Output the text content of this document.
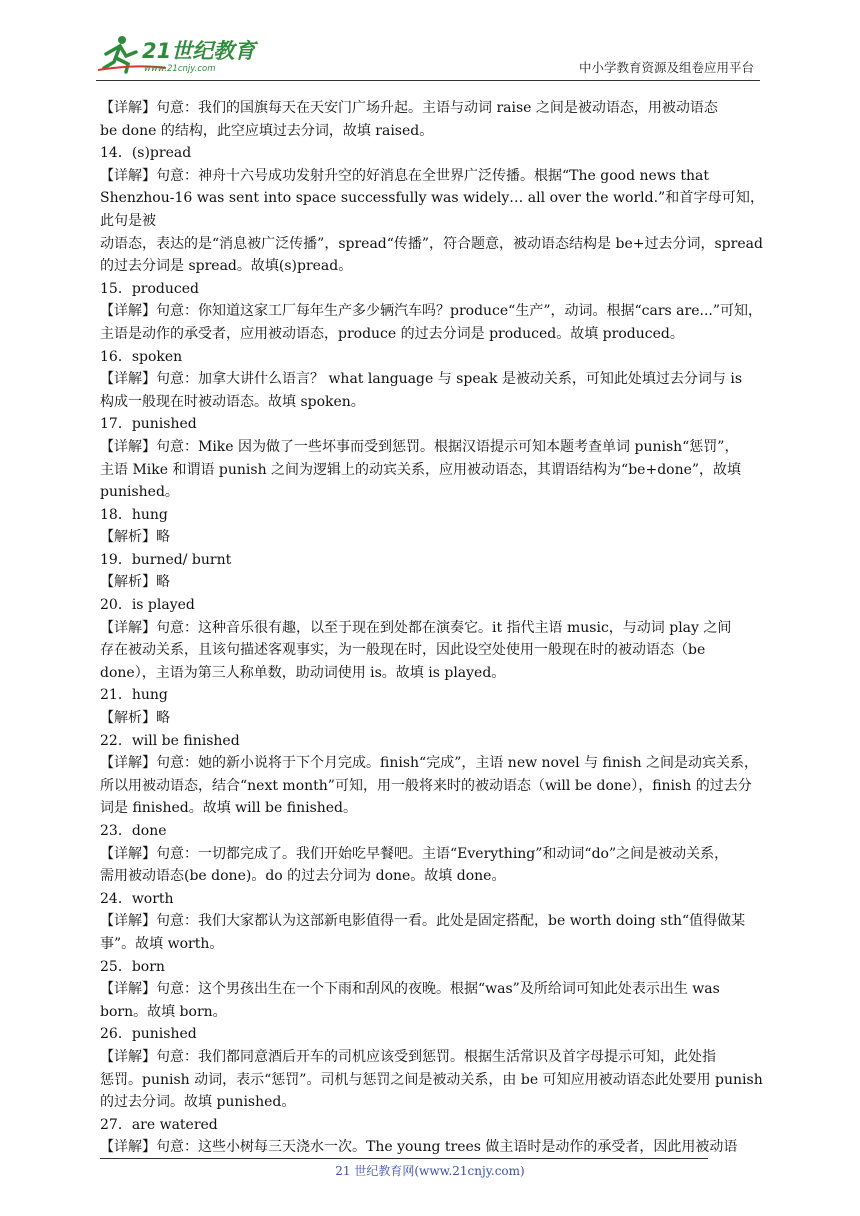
21世纪教育
www.21cnjy.com	中小学教育资源及组卷应用平台

【详解】句意：我们的国旗每天在天安门广场升起。主语与动词 raise 之间是被动语态，用被动语态

be done 的结构，此空应填过去分词，故填 raised。

14．(s)pread

【详解】句意：神舟十六号成功发射升空的好消息在全世界广泛传播。根据“The good news that

Shenzhou-16 was sent into space successfully was widely… all over the world.”和首字母可知，此句是被

动语态，表达的是“消息被广泛传播”，spread“传播”，符合题意，被动语态结构是 be+过去分词，spread

的过去分词是 spread。故填(s)pread。

15．produced

【详解】句意：你知道这家工厂每年生产多少辆汽车吗？produce“生产”，动词。根据“cars are...”可知，

主语是动作的承受者，应用被动语态，produce 的过去分词是 produced。故填 produced。

16．spoken

【详解】句意：加拿大讲什么语言？ what language 与 speak 是被动关系，可知此处填过去分词与 is

构成一般现在时被动语态。故填 spoken。

17．punished

【详解】句意：Mike 因为做了一些坏事而受到惩罚。根据汉语提示可知本题考查单词 punish“惩罚”，

主语 Mike 和谓语 punish 之间为逻辑上的动宾关系，应用被动语态，其谓语结构为“be+done”，故填

punished。

18．hung

【解析】略

19．burned/ burnt

【解析】略

20．is played

【详解】句意：这种音乐很有趣，以至于现在到处都在演奏它。it 指代主语 music，与动词 play 之间

存在被动关系，且该句描述客观事实，为一般现在时，因此设空处使用一般现在时的被动语态（be

done），主语为第三人称单数，助动词使用 is。故填 is played。

21．hung

【解析】略

22．will be finished

【详解】句意：她的新小说将于下个月完成。finish“完成”，主语 new novel 与 finish 之间是动宾关系，

所以用被动语态，结合“next month”可知，用一般将来时的被动语态（will be done），finish 的过去分

词是 finished。故填 will be finished。

23．done

【详解】句意：一切都完成了。我们开始吃早餐吧。主语“Everything”和动词“do”之间是被动关系，

需用被动语态(be done)。do 的过去分词为 done。故填 done。

24．worth

【详解】句意：我们大家都认为这部新电影值得一看。此处是固定搭配，be worth doing sth“值得做某

事”。故填 worth。

25．born

【详解】句意：这个男孩出生在一个下雨和刮风的夜晚。根据“was”及所给词可知此处表示出生 was

born。故填 born。

26．punished

【详解】句意：我们都同意酒后开车的司机应该受到惩罚。根据生活常识及首字母提示可知，此处指

惩罚。punish 动词，表示“惩罚”。司机与惩罚之间是被动关系，由 be 可知应用被动语态此处要用 punish

的过去分词。故填 punished。

27．are watered

【详解】句意：这些小树每三天浇水一次。The young trees 做主语时是动作的承受者，因此用被动语

21 世纪教育网(www.21cnjy.com)
